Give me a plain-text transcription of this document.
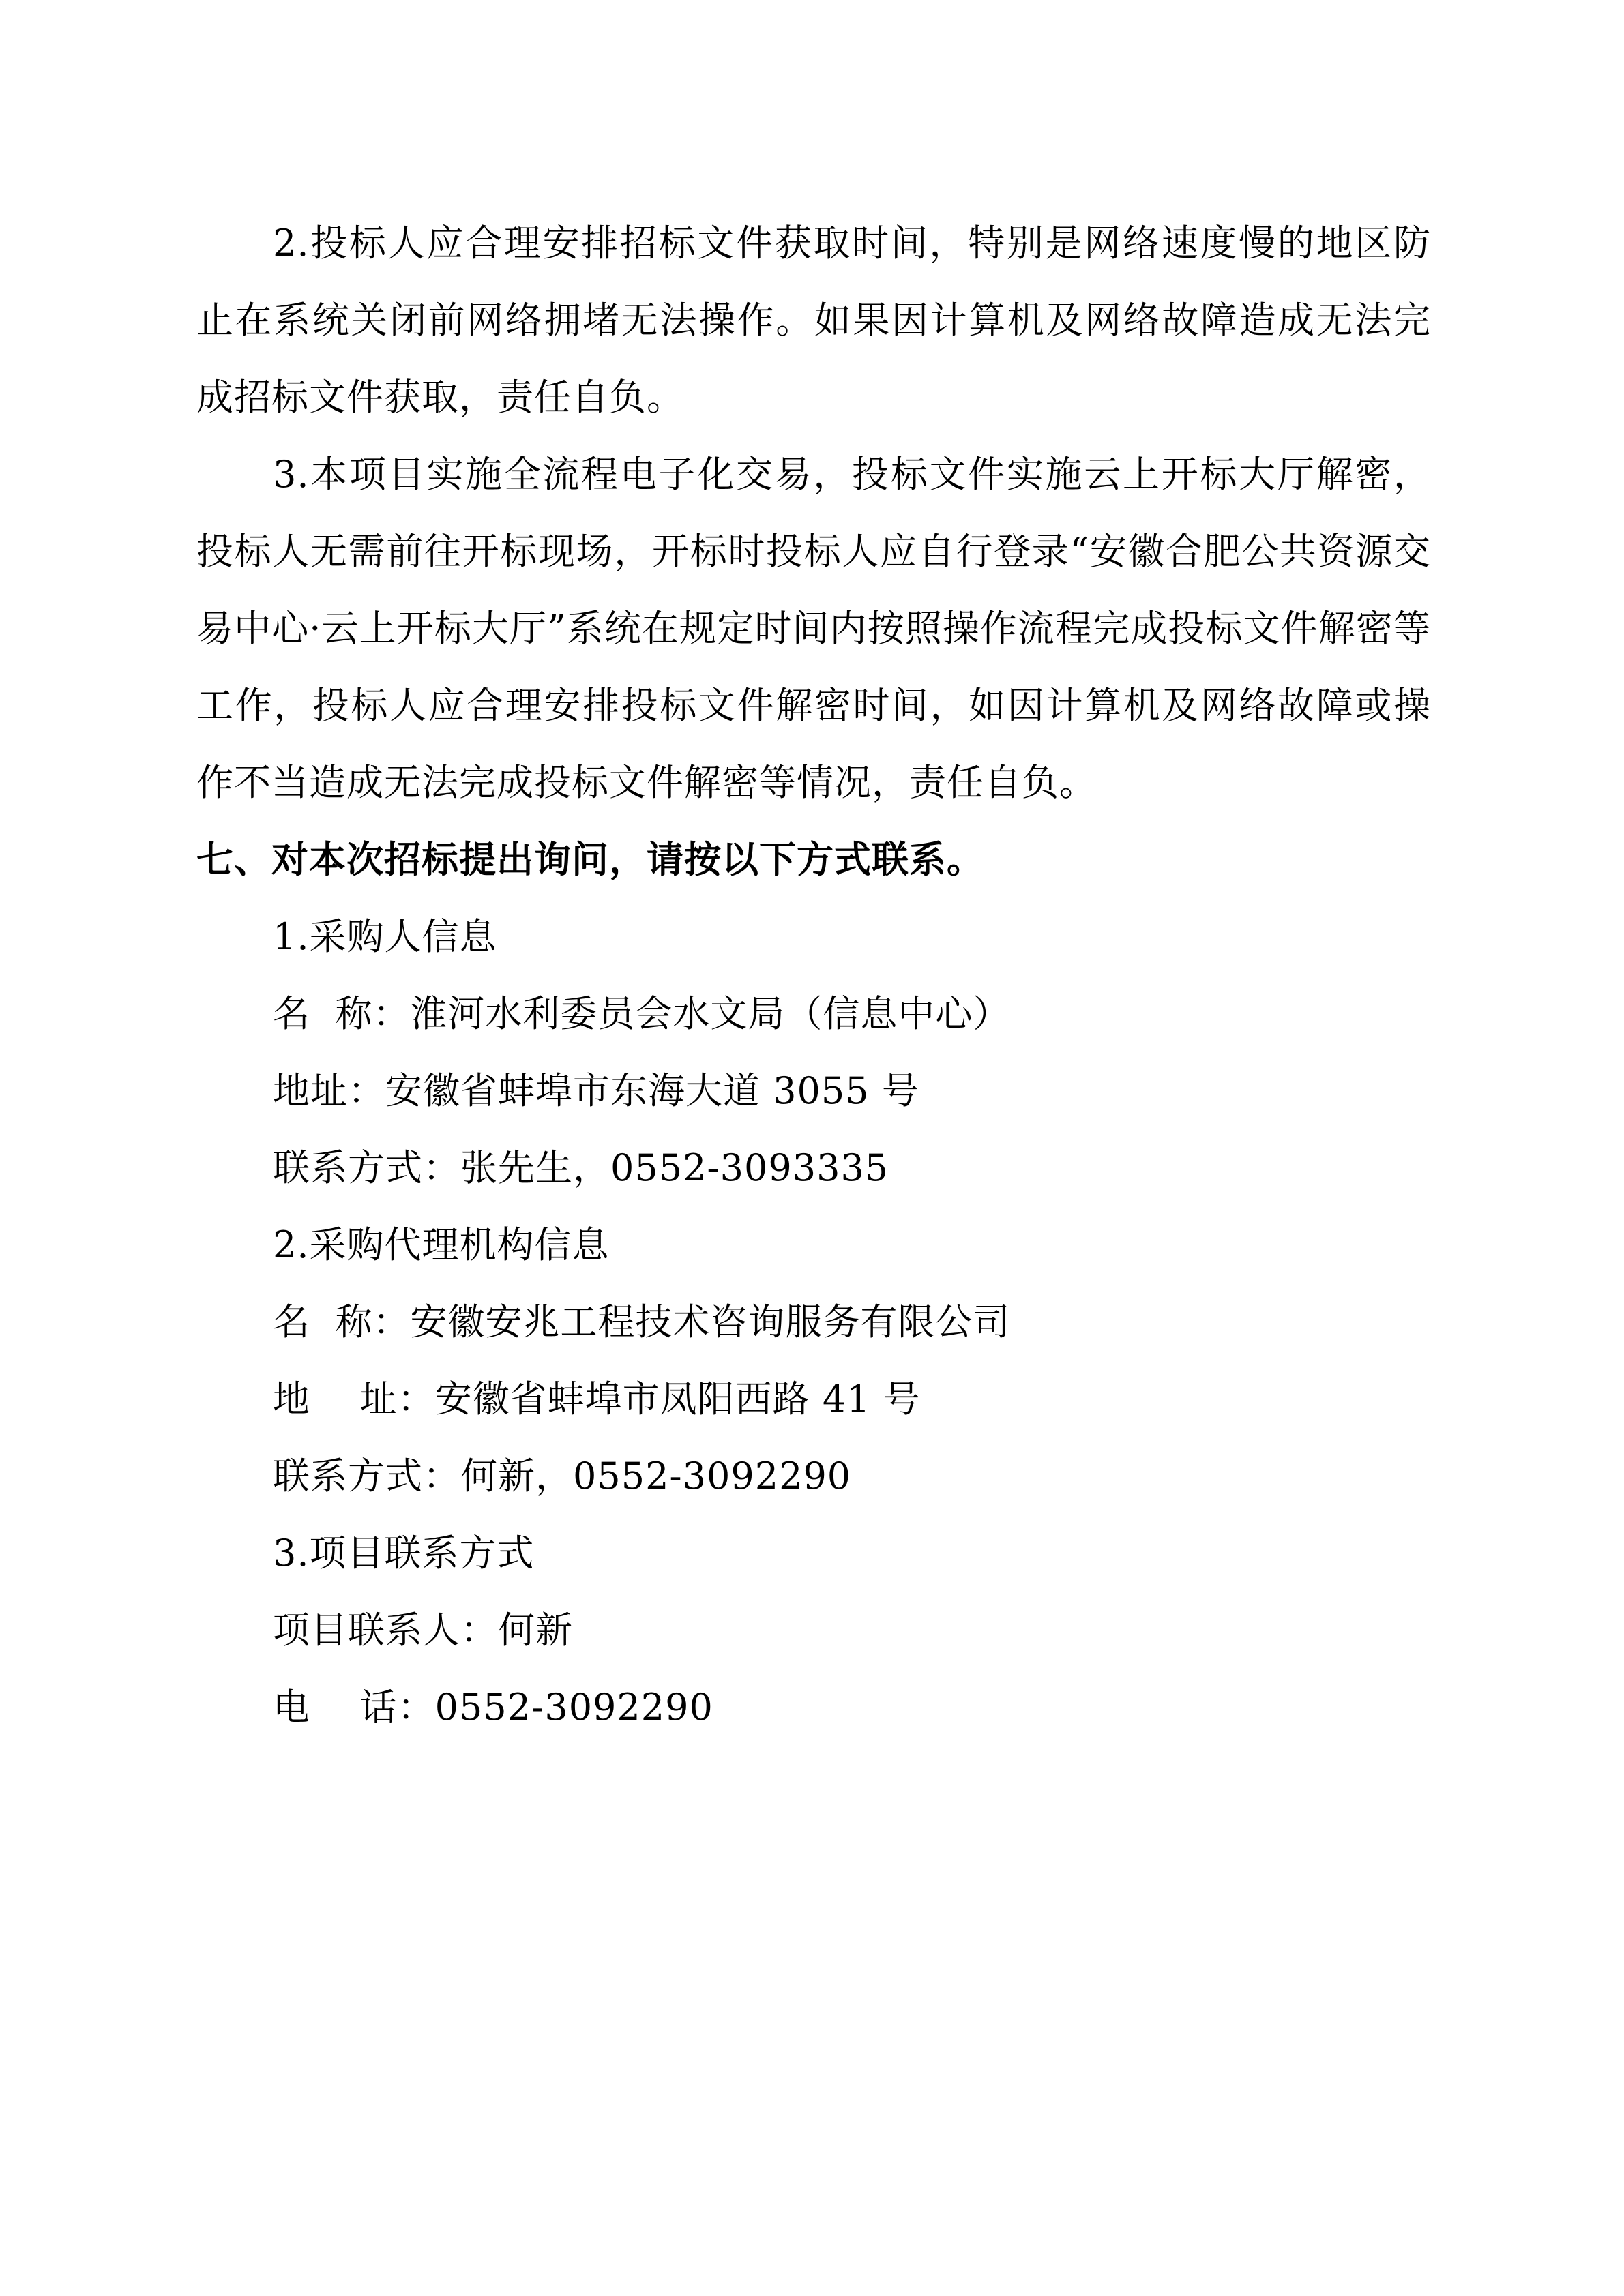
2.投标人应合理安排招标文件获取时间，特别是网络速度慢的地区防止在系统关闭前网络拥堵无法操作。如果因计算机及网络故障造成无法完成招标文件获取，责任自负。

3.本项目实施全流程电子化交易，投标文件实施云上开标大厅解密，投标人无需前往开标现场，开标时投标人应自行登录“安徽合肥公共资源交易中心·云上开标大厅”系统在规定时间内按照操作流程完成投标文件解密等工作，投标人应合理安排投标文件解密时间，如因计算机及网络故障或操作不当造成无法完成投标文件解密等情况，责任自负。

七、对本次招标提出询问，请按以下方式联系。

1.采购人信息

名  称：淮河水利委员会水文局（信息中心）

地址：安徽省蚌埠市东海大道 3055 号

联系方式：张先生，0552-3093335

2.采购代理机构信息

名  称：安徽安兆工程技术咨询服务有限公司

地    址：安徽省蚌埠市凤阳西路 41 号

联系方式：何新，0552-3092290

3.项目联系方式

项目联系人：何新

电    话：0552-3092290
